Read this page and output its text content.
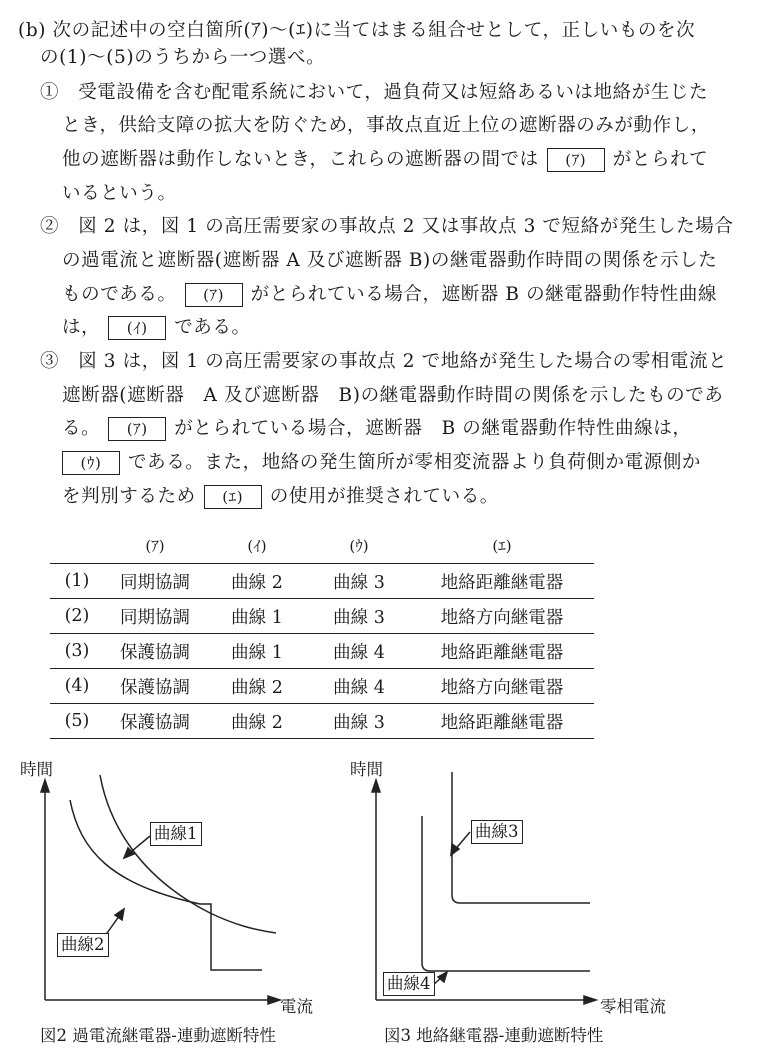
(b) 次の記述中の空白箇所(ｱ)～(ｴ)に当てはまる組合せとして，正しいものを次
の(1)～(5)のうちから一つ選べ。
①　受電設備を含む配電系統において，過負荷又は短絡あるいは地絡が生じた
とき，供給支障の拡大を防ぐため，事故点直近上位の遮断器のみが動作し，
他の遮断器は動作しないとき，これらの遮断器の間では (ｱ) がとられて
いるという。
②　図 2 は，図 1 の高圧需要家の事故点 2 又は事故点 3 で短絡が発生した場合
の過電流と遮断器(遮断器 A 及び遮断器 B)の継電器動作時間の関係を示した
ものである。 (ｱ) がとられている場合，遮断器 B の継電器動作特性曲線
は， (ｲ) である。
③　図 3 は，図 1 の高圧需要家の事故点 2 で地絡が発生した場合の零相電流と
遮断器(遮断器　A 及び遮断器　B)の継電器動作時間の関係を示したものであ
る。 (ｱ) がとられている場合，遮断器　B の継電器動作特性曲線は，
(ｳ) である。また，地絡の発生箇所が零相変流器より負荷側か電源側か
を判別するため (ｴ) の使用が推奨されている。
	(ｱ)	(ｲ)	(ｳ)	(ｴ)
(1)	同期協調	曲線 2	曲線 3	地絡距離継電器
(2)	同期協調	曲線 1	曲線 3	地絡方向継電器
(3)	保護協調	曲線 1	曲線 4	地絡距離継電器
(4)	保護協調	曲線 2	曲線 4	地絡方向継電器
(5)	保護協調	曲線 2	曲線 3	地絡距離継電器
時間
電流
曲線1
曲線2
図2 過電流継電器-連動遮断特性
時間
零相電流
曲線3
曲線4
図3 地絡継電器-連動遮断特性
